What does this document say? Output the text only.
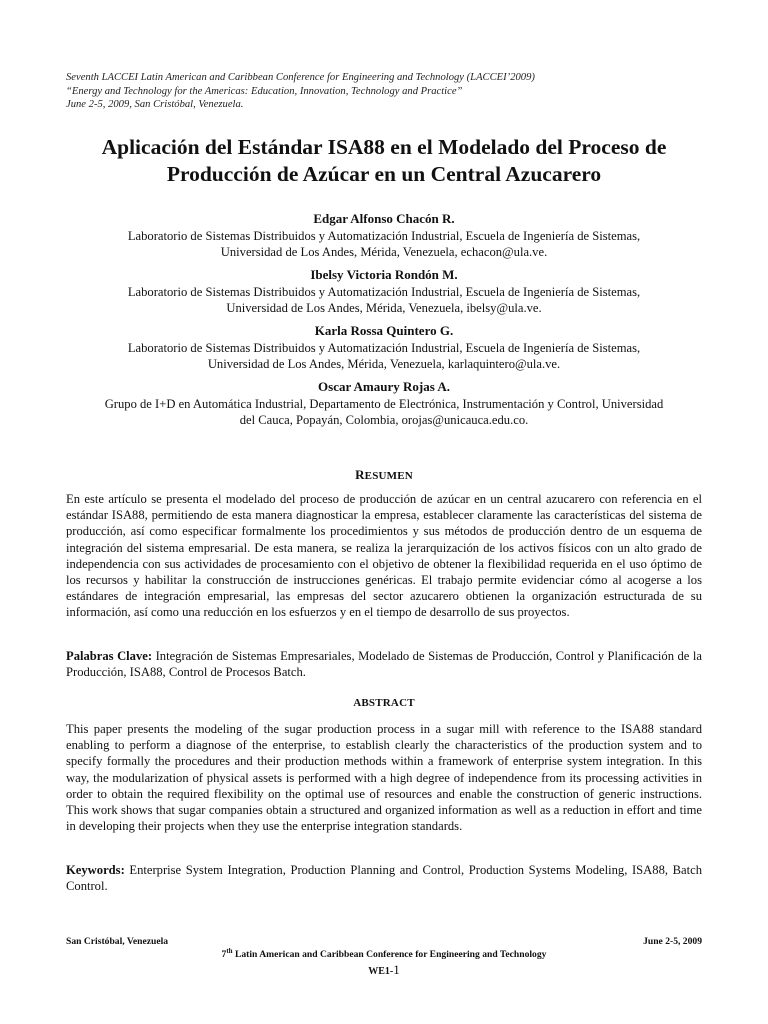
Seventh LACCEI Latin American and Caribbean Conference for Engineering and Technology (LACCEI’2009)
“Energy and Technology for the Americas: Education, Innovation, Technology and Practice”
June 2-5, 2009, San Cristóbal, Venezuela.
Aplicación del Estándar ISA88 en el Modelado del Proceso de
Producción de Azúcar en un Central Azucarero
Edgar Alfonso Chacón R.
Laboratorio de Sistemas Distribuidos y Automatización Industrial, Escuela de Ingeniería de Sistemas,
Universidad de Los Andes, Mérida, Venezuela, echacon@ula.ve.
Ibelsy Victoria Rondón M.
Laboratorio de Sistemas Distribuidos y Automatización Industrial, Escuela de Ingeniería de Sistemas,
Universidad de Los Andes, Mérida, Venezuela, ibelsy@ula.ve.
Karla Rossa Quintero G.
Laboratorio de Sistemas Distribuidos y Automatización Industrial, Escuela de Ingeniería de Sistemas,
Universidad de Los Andes, Mérida, Venezuela, karlaquintero@ula.ve.
Oscar Amaury Rojas A.
Grupo de I+D en Automática Industrial, Departamento de Electrónica, Instrumentación y Control, Universidad
del Cauca, Popayán, Colombia, orojas@unicauca.edu.co.
RESUMEN
En este artículo se presenta el modelado del proceso de producción de azúcar en un central azucarero con referencia en el estándar ISA88, permitiendo de esta manera diagnosticar la empresa, establecer claramente las características del sistema de producción, así como especificar formalmente los procedimientos y sus métodos de producción dentro de un esquema de integración del sistema empresarial. De esta manera, se realiza la jerarquización de los activos físicos con un alto grado de independencia con sus actividades de procesamiento con el objetivo de obtener la flexibilidad requerida en el uso óptimo de los recursos y habilitar la construcción de instrucciones genéricas. El trabajo permite evidenciar cómo al acogerse a los estándares de integración empresarial, las empresas del sector azucarero obtienen la organización estructurada de su información, así como una reducción en los esfuerzos y en el tiempo de desarrollo de sus proyectos.
Palabras Clave: Integración de Sistemas Empresariales, Modelado de Sistemas de Producción, Control y Planificación de la Producción, ISA88, Control de Procesos Batch.
ABSTRACT
This paper presents the modeling of the sugar production process in a sugar mill with reference to the ISA88 standard enabling to perform a diagnose of the enterprise, to establish clearly the characteristics of the production system and to specify formally the procedures and their production methods within a framework of enterprise system integration. In this way, the modularization of physical assets is performed with a high degree of independence from its processing activities in order to obtain the required flexibility on the optimal use of resources and enable the construction of generic instructions. This work shows that sugar companies obtain a structured and organized information as well as a reduction in effort and time in developing their projects when they use the enterprise integration standards.
Keywords: Enterprise System Integration, Production Planning and Control, Production Systems Modeling, ISA88, Batch Control.
San Cristóbal, Venezuela	June 2-5, 2009
7th Latin American and Caribbean Conference for Engineering and Technology
WE1-1
